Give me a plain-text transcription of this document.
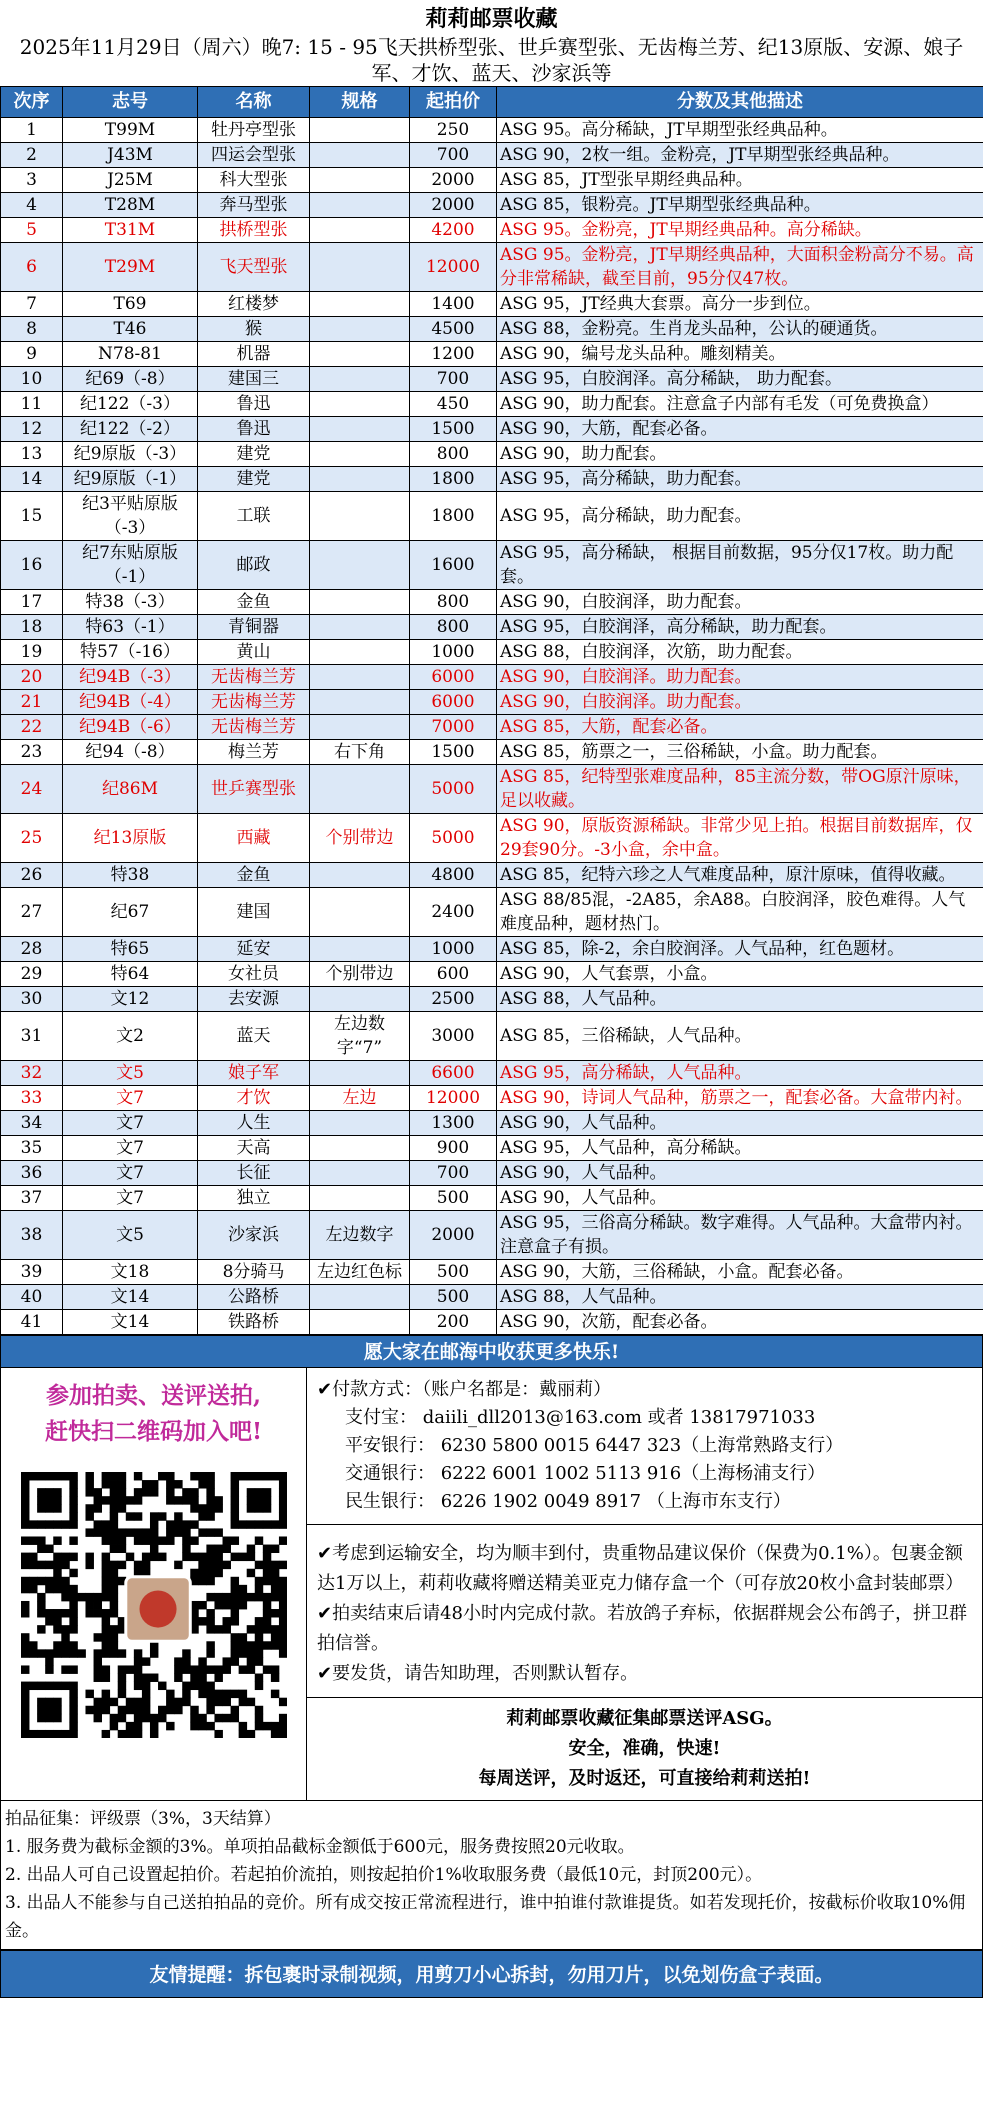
莉莉邮票收藏
2025年11月29日（周六）晚7: 15 - 95飞天拱桥型张、世乒赛型张、无齿梅兰芳、纪13原版、安源、娘子军、才饮、蓝天、沙家浜等
次序	志号	名称	规格	起拍价	分数及其他描述
1	T99M	牡丹亭型张		250	ASG 95。高分稀缺，JT早期型张经典品种。
2	J43M	四运会型张		700	ASG 90，2枚一组。金粉亮，JT早期型张经典品种。
3	J25M	科大型张		2000	ASG 85，JT型张早期经典品种。
4	T28M	奔马型张		2000	ASG 85，银粉亮。JT早期型张经典品种。
5	T31M	拱桥型张		4200	ASG 95。金粉亮，JT早期经典品种。高分稀缺。
6	T29M	飞天型张		12000	ASG 95。金粉亮，JT早期经典品种，大面积金粉高分不易。高分非常稀缺，截至目前，95分仅47枚。
7	T69	红楼梦		1400	ASG 95，JT经典大套票。高分一步到位。
8	T46	猴		4500	ASG 88，金粉亮。生肖龙头品种，公认的硬通货。
9	N78-81	机器		1200	ASG 90，编号龙头品种。雕刻精美。
10	纪69（-8）	建国三		700	ASG 95，白胶润泽。高分稀缺， 助力配套。
11	纪122（-3）	鲁迅		450	ASG 90，助力配套。注意盒子内部有毛发（可免费换盒）
12	纪122（-2）	鲁迅		1500	ASG 90，大筋，配套必备。
13	纪9原版（-3）	建党		800	ASG 90，助力配套。
14	纪9原版（-1）	建党		1800	ASG 95，高分稀缺，助力配套。
15	纪3平贴原版（-3）	工联		1800	ASG 95，高分稀缺，助力配套。
16	纪7东贴原版（-1）	邮政		1600	ASG 95，高分稀缺， 根据目前数据，95分仅17枚。助力配套。
17	特38（-3）	金鱼		800	ASG 90，白胶润泽，助力配套。
18	特63（-1）	青铜器		800	ASG 95，白胶润泽，高分稀缺，助力配套。
19	特57（-16）	黄山		1000	ASG 88，白胶润泽，次筋，助力配套。
20	纪94B（-3）	无齿梅兰芳		6000	ASG 90，白胶润泽。助力配套。
21	纪94B（-4）	无齿梅兰芳		6000	ASG 90，白胶润泽。助力配套。
22	纪94B（-6）	无齿梅兰芳		7000	ASG 85，大筋，配套必备。
23	纪94（-8）	梅兰芳	右下角	1500	ASG 85，筋票之一，三俗稀缺，小盒。助力配套。
24	纪86M	世乒赛型张		5000	ASG 85，纪特型张难度品种，85主流分数，带OG原汁原味，足以收藏。
25	纪13原版	西藏	个别带边	5000	ASG 90，原版资源稀缺。非常少见上拍。根据目前数据库，仅29套90分。-3小盒，余中盒。
26	特38	金鱼		4800	ASG 85，纪特六珍之人气难度品种，原汁原味，值得收藏。
27	纪67	建国		2400	ASG 88/85混，-2A85，余A88。白胶润泽，胶色难得。人气难度品种，题材热门。
28	特65	延安		1000	ASG 85，除-2，余白胶润泽。人气品种，红色题材。
29	特64	女社员	个别带边	600	ASG 90，人气套票，小盒。
30	文12	去安源		2500	ASG 88，人气品种。
31	文2	蓝天	左边数字“7”	3000	ASG 85，三俗稀缺，人气品种。
32	文5	娘子军		6600	ASG 95，高分稀缺，人气品种。
33	文7	才饮	左边	12000	ASG 90，诗词人气品种，筋票之一，配套必备。大盒带内衬。
34	文7	人生		1300	ASG 90，人气品种。
35	文7	天高		900	ASG 95，人气品种，高分稀缺。
36	文7	长征		700	ASG 90，人气品种。
37	文7	独立		500	ASG 90，人气品种。
38	文5	沙家浜	左边数字	2000	ASG 95，三俗高分稀缺。数字难得。人气品种。大盒带内衬。注意盒子有损。
39	文18	8分骑马	左边红色标	500	ASG 90，大筋，三俗稀缺，小盒。配套必备。
40	文14	公路桥		500	ASG 88，人气品种。
41	文14	铁路桥		200	ASG 90，次筋，配套必备。
愿大家在邮海中收获更多快乐!
参加拍卖、送评送拍,
赶快扫二维码加入吧!
✔付款方式：（账户名都是：戴丽莉）
支付宝： daiili_dll2013@163.com 或者 13817971033
平安银行： 6230 5800 0015 6447 323（上海常熟路支行）
交通银行： 6222 6001 1002 5113 916（上海杨浦支行）
民生银行： 6226 1902 0049 8917 （上海市东支行）
✔考虑到运输安全，均为顺丰到付，贵重物品建议保价（保费为0.1%）。包裹金额达1万以上，莉莉收藏将赠送精美亚克力储存盒一个（可存放20枚小盒封装邮票）
✔拍卖结束后请48小时内完成付款。若放鸽子弃标，依据群规会公布鸽子，拼卫群拍信誉。
✔要发货，请告知助理，否则默认暂存。
莉莉邮票收藏征集邮票送评ASG。
安全，准确，快速!
每周送评，及时返还，可直接给莉莉送拍!
拍品征集：评级票（3%，3天结算）
1. 服务费为截标金额的3%。单项拍品截标金额低于600元，服务费按照20元收取。
2. 出品人可自己设置起拍价。若起拍价流拍，则按起拍价1%收取服务费（最低10元，封顶200元）。
3. 出品人不能参与自己送拍拍品的竞价。所有成交按正常流程进行，谁中拍谁付款谁提货。如若发现托价，按截标价收取10%佣金。
友情提醒：拆包裹时录制视频，用剪刀小心拆封，勿用刀片，以免划伤盒子表面。
